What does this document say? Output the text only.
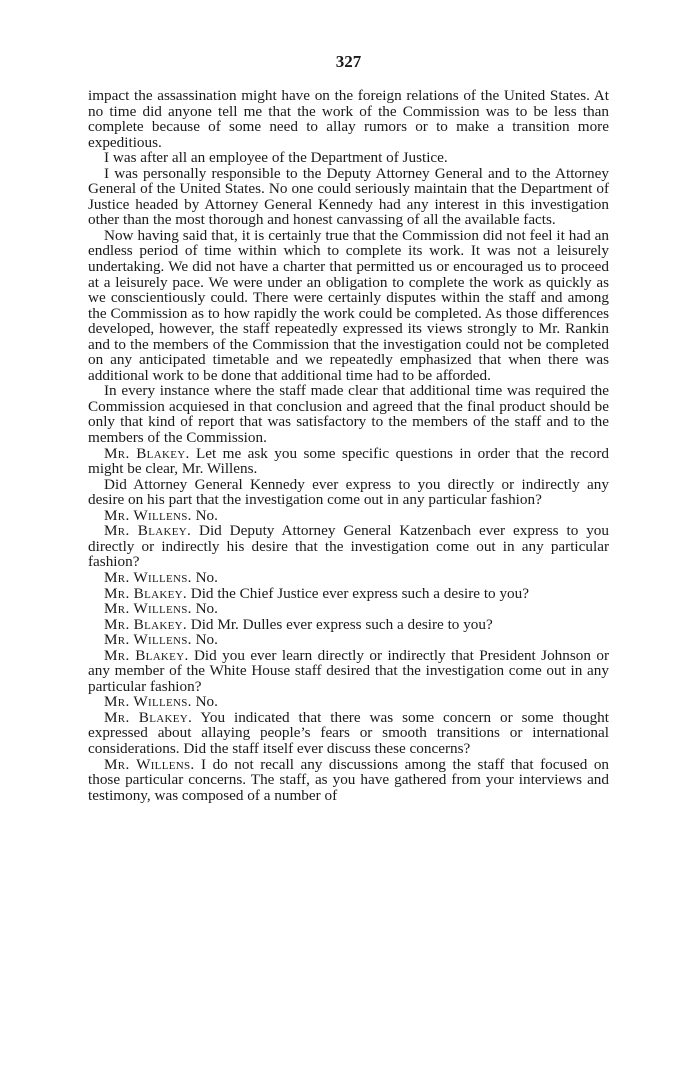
327

impact the assassination might have on the foreign relations of the United States. At no time did anyone tell me that the work of the Commission was to be less than complete because of some need to allay rumors or to make a transition more expeditious.

I was after all an employee of the Department of Justice.

I was personally responsible to the Deputy Attorney General and to the Attorney General of the United States. No one could seriously maintain that the Department of Justice headed by Attorney General Kennedy had any interest in this investigation other than the most thorough and honest canvassing of all the available facts.

Now having said that, it is certainly true that the Commission did not feel it had an endless period of time within which to complete its work. It was not a leisurely undertaking. We did not have a charter that permitted us or encouraged us to proceed at a leisurely pace. We were under an obligation to complete the work as quickly as we conscientiously could. There were certainly disputes within the staff and among the Commission as to how rapidly the work could be completed. As those differences developed, however, the staff repeatedly expressed its views strongly to Mr. Rankin and to the members of the Commission that the investigation could not be completed on any anticipated timetable and we repeatedly emphasized that when there was additional work to be done that additional time had to be afforded.

In every instance where the staff made clear that additional time was required the Commission acquiesed in that conclusion and agreed that the final product should be only that kind of report that was satisfactory to the members of the staff and to the members of the Commission.

Mr. Blakey. Let me ask you some specific questions in order that the record might be clear, Mr. Willens.

Did Attorney General Kennedy ever express to you directly or indirectly any desire on his part that the investigation come out in any particular fashion?

Mr. Willens. No.

Mr. Blakey. Did Deputy Attorney General Katzenbach ever express to you directly or indirectly his desire that the investigation come out in any particular fashion?

Mr. Willens. No.

Mr. Blakey. Did the Chief Justice ever express such a desire to you?

Mr. Willens. No.

Mr. Blakey. Did Mr. Dulles ever express such a desire to you?

Mr. Willens. No.

Mr. Blakey. Did you ever learn directly or indirectly that President Johnson or any member of the White House staff desired that the investigation come out in any particular fashion?

Mr. Willens. No.

Mr. Blakey. You indicated that there was some concern or some thought expressed about allaying people’s fears or smooth transitions or international considerations. Did the staff itself ever discuss these concerns?

Mr. Willens. I do not recall any discussions among the staff that focused on those particular concerns. The staff, as you have gathered from your interviews and testimony, was composed of a number of
